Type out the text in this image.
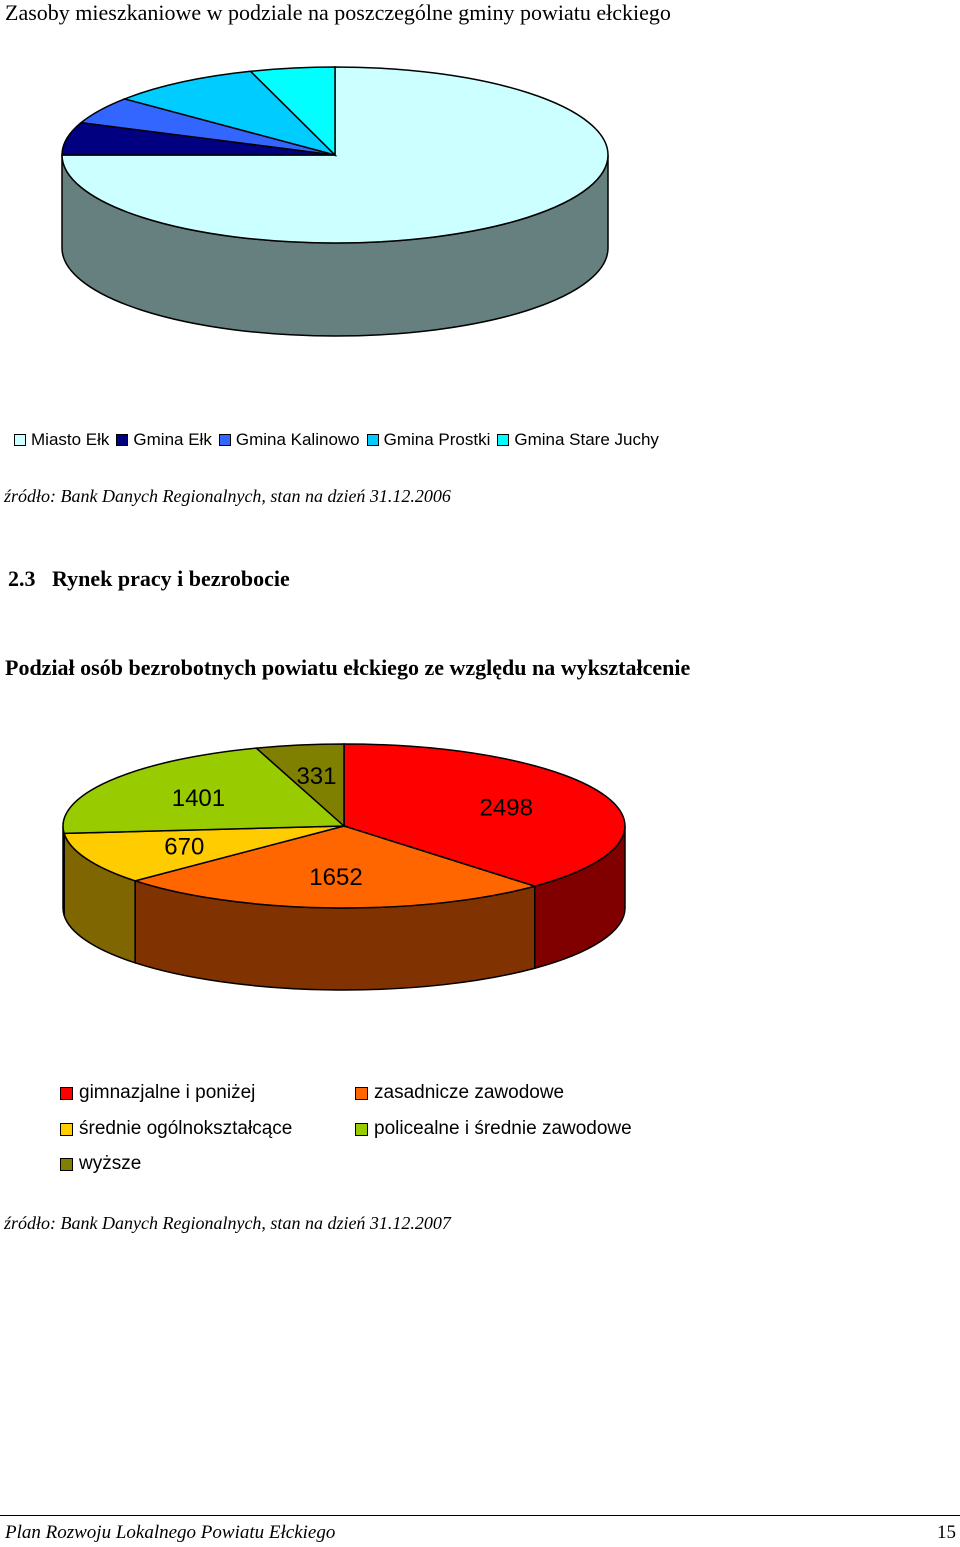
Zasoby mieszkaniowe w podziale na poszczególne gminy powiatu ełckiego
Miasto Ełk Gmina Ełk Gmina Kalinowo Gmina Prostki Gmina Stare Juchy
źródło: Bank Danych Regionalnych, stan na dzień 31.12.2006
2.3 Rynek pracy i bezrobocie
Podział osób bezrobotnych powiatu ełckiego ze względu na wykształcenie
2498
1652
670
1401
331
źródło: Bank Danych Regionalnych, stan na dzień 31.12.2007
Plan Rozwoju Lokalnego Powiatu Ełckiego	15
gimnazjalne i poniżej	zasadnicze zawodowe
średnie ogólnokształcące	policealne i średnie zawodowe
wyższe
